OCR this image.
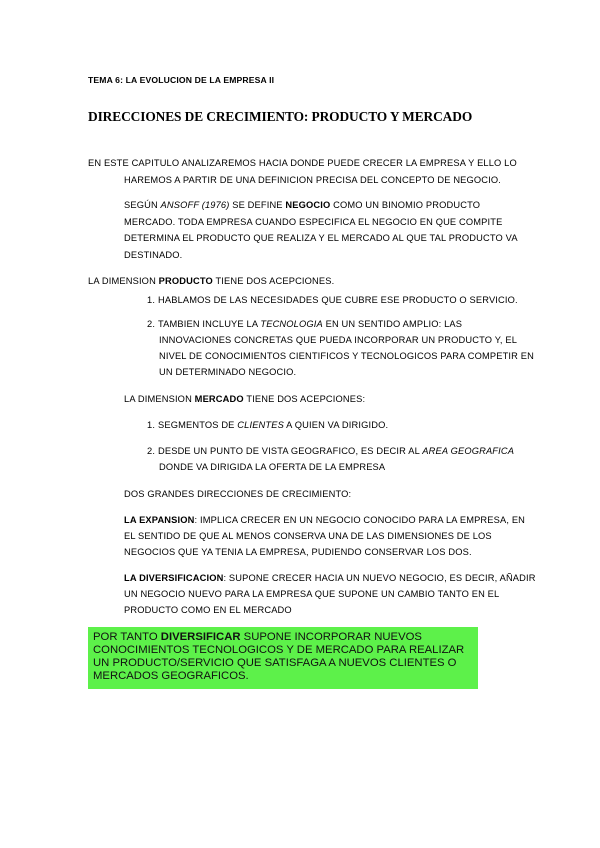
TEMA 6: LA EVOLUCION DE LA EMPRESA II
DIRECCIONES DE CRECIMIENTO: PRODUCTO Y MERCADO
EN ESTE CAPITULO ANALIZAREMOS HACIA DONDE PUEDE CRECER LA EMPRESA Y ELLO LO
HAREMOS A PARTIR DE UNA DEFINICION PRECISA DEL CONCEPTO DE NEGOCIO.
SEGÚN ANSOFF (1976) SE DEFINE NEGOCIO COMO UN BINOMIO PRODUCTO
MERCADO. TODA EMPRESA CUANDO ESPECIFICA EL NEGOCIO EN QUE COMPITE
DETERMINA EL PRODUCTO QUE REALIZA Y EL MERCADO AL QUE TAL PRODUCTO VA
DESTINADO.
LA DIMENSION PRODUCTO TIENE DOS ACEPCIONES.
1. HABLAMOS DE LAS NECESIDADES QUE CUBRE ESE PRODUCTO O SERVICIO.
2. TAMBIEN INCLUYE LA TECNOLOGIA EN UN SENTIDO AMPLIO: LAS
INNOVACIONES CONCRETAS QUE PUEDA INCORPORAR UN PRODUCTO Y, EL
NIVEL DE CONOCIMIENTOS CIENTIFICOS Y TECNOLOGICOS PARA COMPETIR EN
UN DETERMINADO NEGOCIO.
LA DIMENSION MERCADO TIENE DOS ACEPCIONES:
1. SEGMENTOS DE CLIENTES A QUIEN VA DIRIGIDO.
2. DESDE UN PUNTO DE VISTA GEOGRAFICO, ES DECIR AL AREA GEOGRAFICA
DONDE VA DIRIGIDA LA OFERTA DE LA EMPRESA
DOS GRANDES DIRECCIONES DE CRECIMIENTO:
LA EXPANSION: IMPLICA CRECER EN UN NEGOCIO CONOCIDO PARA LA EMPRESA, EN
EL SENTIDO DE QUE AL MENOS CONSERVA UNA DE LAS DIMENSIONES DE LOS
NEGOCIOS QUE YA TENIA LA EMPRESA, PUDIENDO CONSERVAR LOS DOS.
LA DIVERSIFICACION: SUPONE CRECER HACIA UN NUEVO NEGOCIO, ES DECIR, AÑADIR
UN NEGOCIO NUEVO PARA LA EMPRESA QUE SUPONE UN CAMBIO TANTO EN EL
PRODUCTO COMO EN EL MERCADO
POR TANTO DIVERSIFICAR SUPONE INCORPORAR NUEVOS
CONOCIMIENTOS TECNOLOGICOS Y DE MERCADO PARA REALIZAR
UN PRODUCTO/SERVICIO QUE SATISFAGA A NUEVOS CLIENTES O
MERCADOS GEOGRAFICOS.
